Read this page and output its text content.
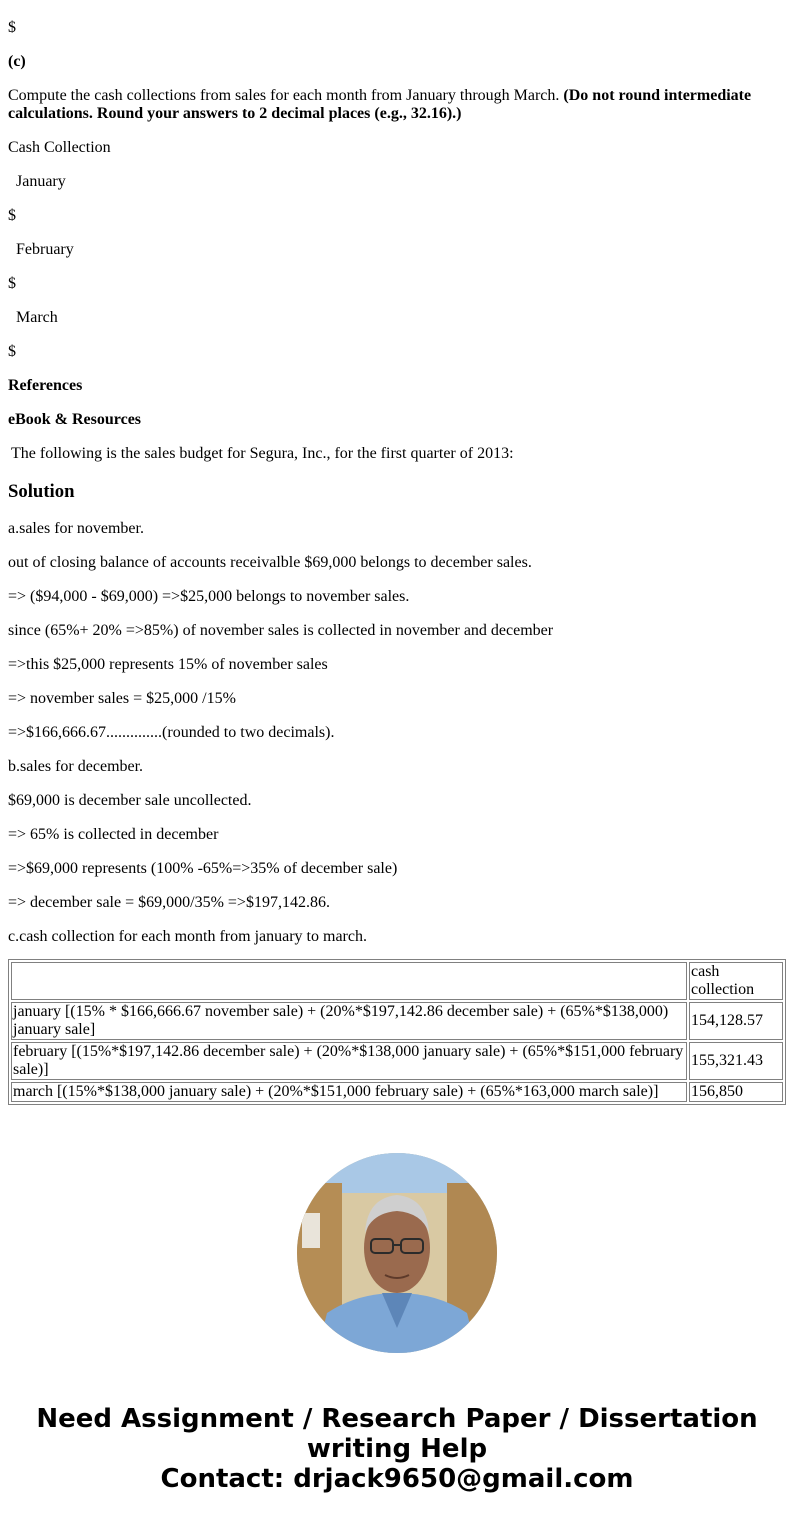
$

(c)

Compute the cash collections from sales for each month from January through March. (Do not round intermediate calculations. Round your answers to 2 decimal places (e.g., 32.16).)

Cash Collection

January

$

February

$

March

$

References

eBook & Resources

The following is the sales budget for Segura, Inc., for the first quarter of 2013:

Solution

a.sales for november.

out of closing balance of accounts receivalble $69,000 belongs to december sales.

=> ($94,000 - $69,000) =>$25,000 belongs to november sales.

since (65%+ 20% =>85%) of november sales is collected in november and december

=>this $25,000 represents 15% of november sales

=> november sales = $25,000 /15%

=>$166,666.67..............(rounded to two decimals).

b.sales for december.

$69,000 is december sale uncollected.

=> 65% is collected in december

=>$69,000 represents (100% -65%=>35% of december sale)

=> december sale = $69,000/35% =>$197,142.86.

c.cash collection for each month from january to march.

	cash collection
january [(15% * $166,666.67 november sale) + (20%*$197,142.86 december sale) + (65%*$138,000) january sale]	154,128.57
february [(15%*$197,142.86 december sale) + (20%*$138,000 january sale) + (65%*$151,000 february sale)]	155,321.43
march [(15%*$138,000 january sale) + (20%*$151,000 february sale) + (65%*163,000 march sale)]	156,850
Need Assignment / Research Paper / Dissertation writing Help
Contact: drjack9650@gmail.com
